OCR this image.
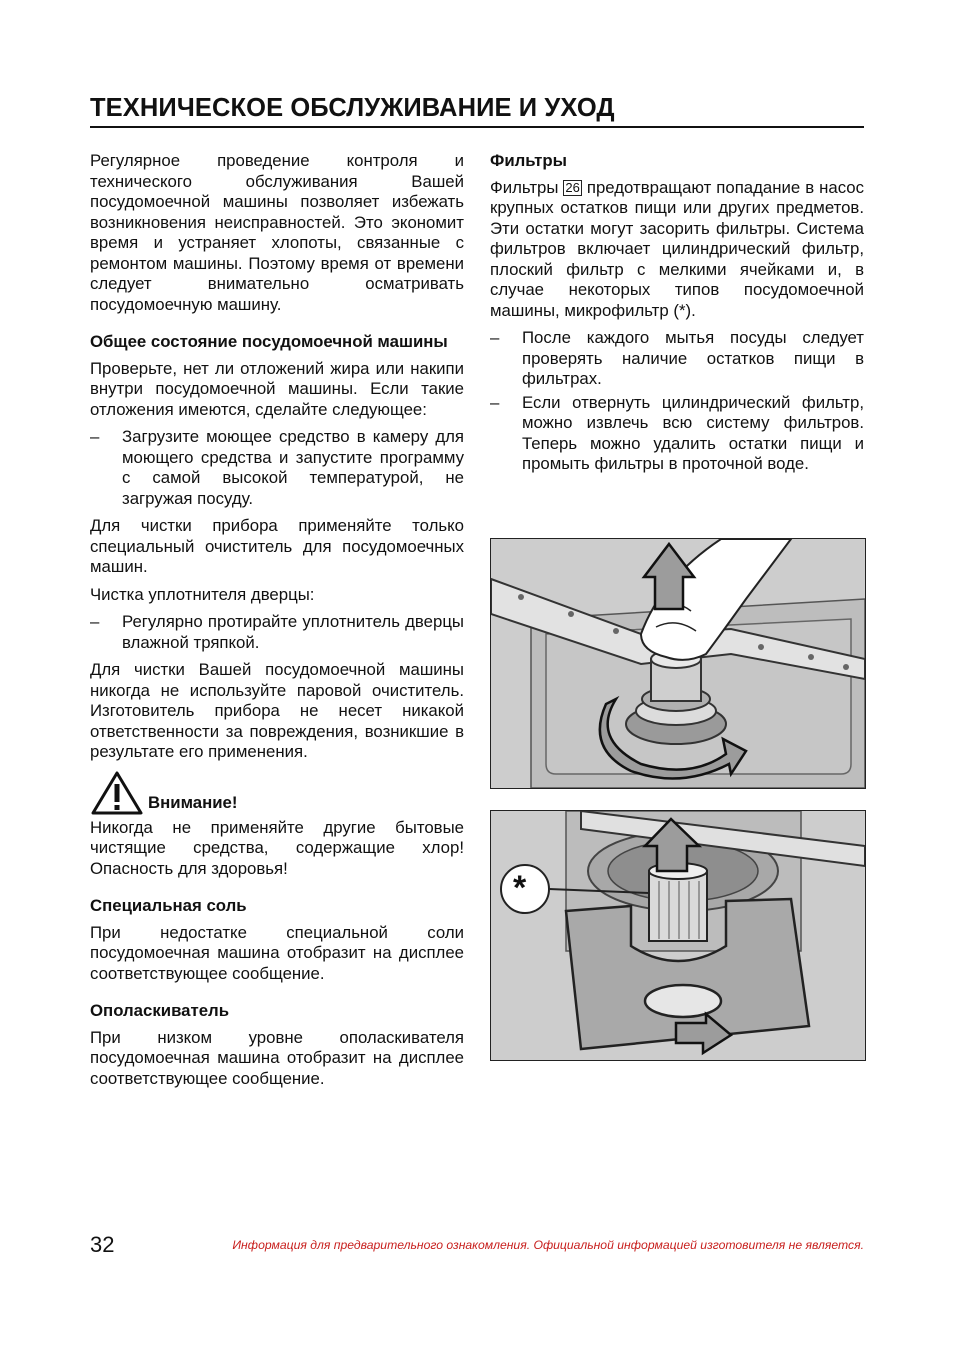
ТЕХНИЧЕСКОЕ ОБСЛУЖИВАНИЕ И УХОД

Регулярное проведение контроля и технического обслуживания Вашей посудомоечной машины позволяет избежать возникновения неисправностей. Это экономит время и устраняет хлопоты, связанные с ремонтом машины. Поэтому время от времени следует внимательно осматривать посудомоечную машину.

Общее состояние посудомоечной машины

Проверьте, нет ли отложений жира или накипи внутри посудомоечной машины. Если такие отложения имеются, сделайте следующее:

– Загрузите моющее средство в камеру для моющего средства и запустите программу с самой высокой температурой, не загружая посуду.

Для чистки прибора применяйте только специальный очиститель для посудомоечных машин.

Чистка уплотнителя дверцы:

– Регулярно протирайте уплотнитель дверцы влажной тряпкой.

Для чистки Вашей посудомоечной машины никогда не используйте паровой очиститель. Изготовитель прибора не несет никакой ответственности за повреждения, возникшие в результате его применения.

Внимание!

Никогда не применяйте другие бытовые чистящие средства, содержащие хлор! Опасность для здоровья!

Специальная соль

При недостатке специальной соли посудомоечная машина отобразит на дисплее соответствующее сообщение.

Ополаскиватель

При низком уровне ополаскивателя посудомоечная машина отобразит на дисплее соответствующее сообщение.

Фильтры

Фильтры 26 предотвращают попадание в насос крупных остатков пищи или других предметов. Эти остатки могут засорить фильтры. Система фильтров включает цилиндрический фильтр, плоский фильтр с мелкими ячейками и, в случае некоторых типов посудомоечной машины, микрофильтр (*).

– После каждого мытья посуды следует проверять наличие остатков пищи в фильтрах.
– Если отвернуть цилиндрический фильтр, можно извлечь всю систему фильтров. Теперь можно удалить остатки пищи и промыть фильтры в проточной воде.
*
32	Информация для предварительного ознакомления. Официальной информацией изготовителя не является.
